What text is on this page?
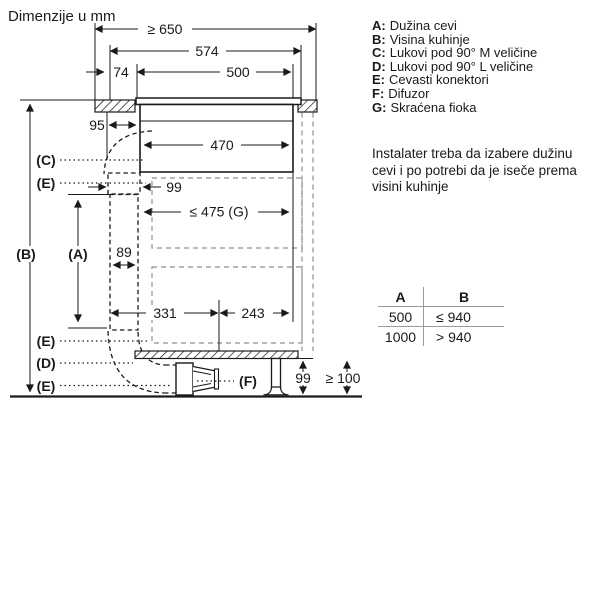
Dimenzije u mm
A: Dužina cevi
B: Visina kuhinje
C: Lukovi pod 90° M veličine
D: Lukovi pod 90° L veličine
E: Cevasti konektori
F: Difuzor
G: Skraćena fioka
Instalater treba da izabere dužinu cevi i po potrebi da je iseče prema visini kuhinje
A	B
500	≤ 940
1000	> 940
≥ 650
574
74	500
470
95
(C)
(E)	99
89
(A)
(B)
≤ 475 (G)
331	243
(F)	99 ≥ 100
(E)
(D)
(E)
